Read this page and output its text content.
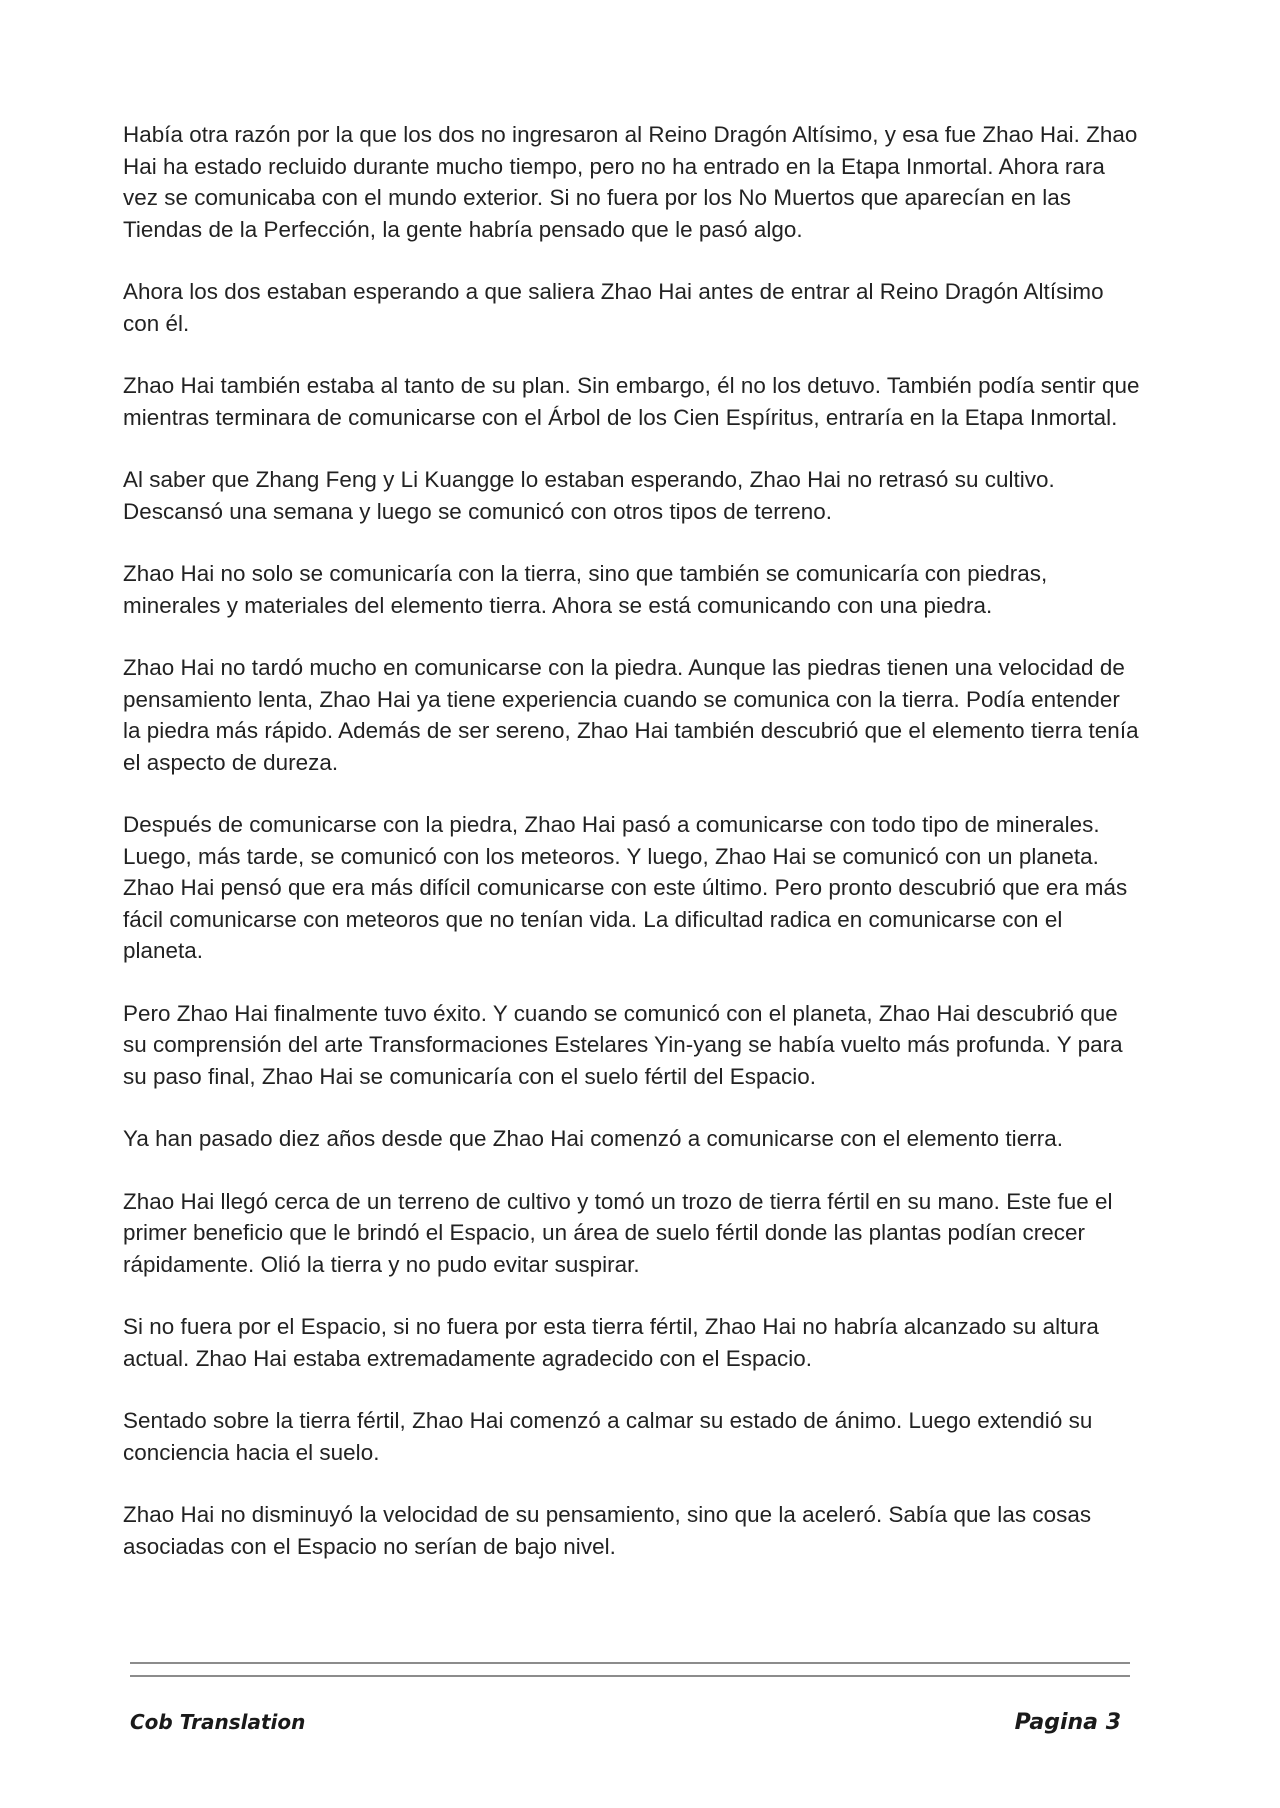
Había otra razón por la que los dos no ingresaron al Reino Dragón Altísimo, y esa fue Zhao Hai. Zhao Hai ha estado recluido durante mucho tiempo, pero no ha entrado en la Etapa Inmortal. Ahora rara vez se comunicaba con el mundo exterior. Si no fuera por los No Muertos que aparecían en las Tiendas de la Perfección, la gente habría pensado que le pasó algo.

Ahora los dos estaban esperando a que saliera Zhao Hai antes de entrar al Reino Dragón Altísimo con él.

Zhao Hai también estaba al tanto de su plan. Sin embargo, él no los detuvo. También podía sentir que mientras terminara de comunicarse con el Árbol de los Cien Espíritus, entraría en la Etapa Inmortal.

Al saber que Zhang Feng y Li Kuangge lo estaban esperando, Zhao Hai no retrasó su cultivo. Descansó una semana y luego se comunicó con otros tipos de terreno.

Zhao Hai no solo se comunicaría con la tierra, sino que también se comunicaría con piedras, minerales y materiales del elemento tierra. Ahora se está comunicando con una piedra.

Zhao Hai no tardó mucho en comunicarse con la piedra. Aunque las piedras tienen una velocidad de pensamiento lenta, Zhao Hai ya tiene experiencia cuando se comunica con la tierra. Podía entender la piedra más rápido. Además de ser sereno, Zhao Hai también descubrió que el elemento tierra tenía el aspecto de dureza.

Después de comunicarse con la piedra, Zhao Hai pasó a comunicarse con todo tipo de minerales. Luego, más tarde, se comunicó con los meteoros. Y luego, Zhao Hai se comunicó con un planeta. Zhao Hai pensó que era más difícil comunicarse con este último. Pero pronto descubrió que era más fácil comunicarse con meteoros que no tenían vida. La dificultad radica en comunicarse con el planeta.

Pero Zhao Hai finalmente tuvo éxito. Y cuando se comunicó con el planeta, Zhao Hai descubrió que su comprensión del arte Transformaciones Estelares Yin-yang se había vuelto más profunda. Y para su paso final, Zhao Hai se comunicaría con el suelo fértil del Espacio.

Ya han pasado diez años desde que Zhao Hai comenzó a comunicarse con el elemento tierra.

Zhao Hai llegó cerca de un terreno de cultivo y tomó un trozo de tierra fértil en su mano. Este fue el primer beneficio que le brindó el Espacio, un área de suelo fértil donde las plantas podían crecer rápidamente. Olió la tierra y no pudo evitar suspirar.

Si no fuera por el Espacio, si no fuera por esta tierra fértil, Zhao Hai no habría alcanzado su altura actual. Zhao Hai estaba extremadamente agradecido con el Espacio.

Sentado sobre la tierra fértil, Zhao Hai comenzó a calmar su estado de ánimo. Luego extendió su conciencia hacia el suelo.

Zhao Hai no disminuyó la velocidad de su pensamiento, sino que la aceleró. Sabía que las cosas asociadas con el Espacio no serían de bajo nivel.

Cob Translation	Pagina 3
